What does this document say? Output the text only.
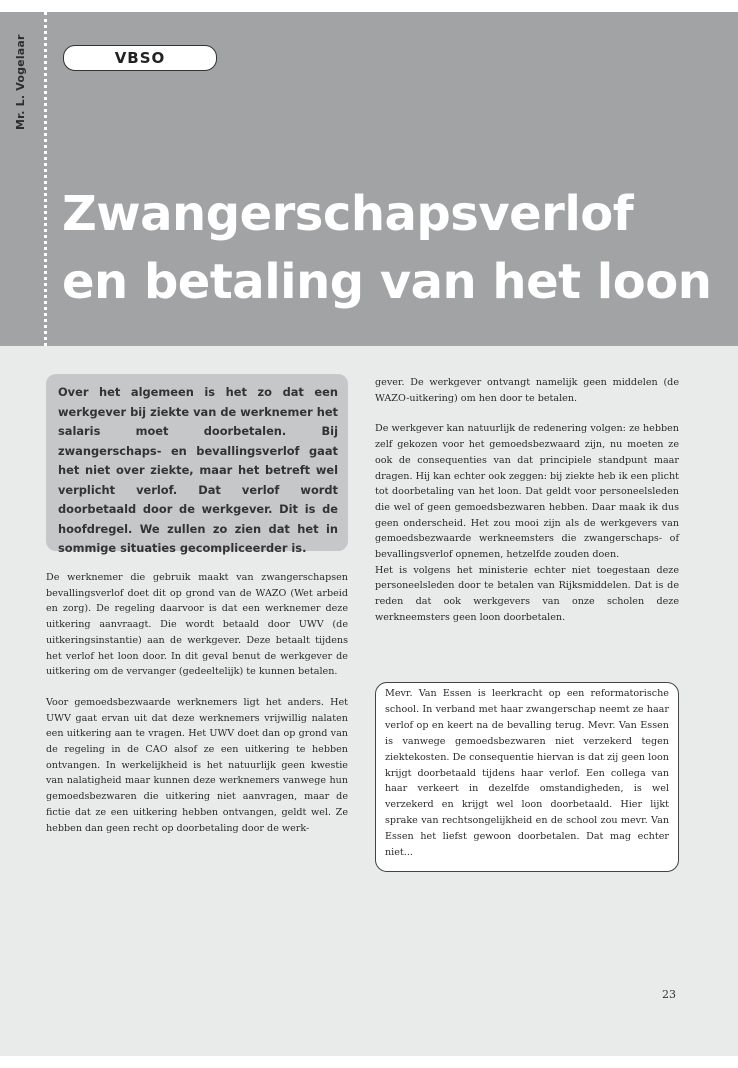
Mr. L. Vogelaar	VBSO
Zwangerschapsverlof
en betaling van het loon
Over het algemeen is het zo dat een werkgever bij ziekte van de werknemer het salaris moet doorbetalen. Bij zwangerschaps- en bevallingsverlof gaat het niet over ziekte, maar het betreft wel verplicht verlof. Dat verlof wordt doorbetaald door de werkgever. Dit is de hoofdregel. We zullen zo zien dat het in sommige situaties gecompliceerder is.

De werknemer die gebruik maakt van zwangerschapsen bevallingsverlof doet dit op grond van de WAZO (Wet arbeid en zorg). De regeling daarvoor is dat een werknemer deze uitkering aanvraagt. Die wordt betaald door UWV (de uitkeringsinstantie) aan de werkgever. Deze betaalt tijdens het verlof het loon door. In dit geval benut de werkgever de uitkering om de vervanger (gedeeltelijk) te kunnen betalen.

Voor gemoedsbezwaarde werknemers ligt het anders. Het UWV gaat ervan uit dat deze werknemers vrijwillig nalaten een uitkering aan te vragen. Het UWV doet dan op grond van de regeling in de CAO alsof ze een uitkering te hebben ontvangen. In werkelijkheid is het natuurlijk geen kwestie van nalatigheid maar kunnen deze werknemers vanwege hun gemoedsbezwaren die uitkering niet aanvragen, maar de fictie dat ze een uitkering hebben ontvangen, geldt wel. Ze hebben dan geen recht op doorbetaling door de werk-

gever. De werkgever ontvangt namelijk geen middelen (de WAZO-uitkering) om hen door te betalen.

De werkgever kan natuurlijk de redenering volgen: ze hebben zelf gekozen voor het gemoedsbezwaard zijn, nu moeten ze ook de consequenties van dat principiele standpunt maar dragen. Hij kan echter ook zeggen: bij ziekte heb ik een plicht tot doorbetaling van het loon. Dat geldt voor personeelsleden die wel of geen gemoedsbezwaren hebben. Daar maak ik dus geen onderscheid. Het zou mooi zijn als de werkgevers van gemoedsbezwaarde werkneemsters die zwangerschaps- of bevallingsverlof opnemen, hetzelfde zouden doen.

Het is volgens het ministerie echter niet toegestaan deze personeelsleden door te betalen van Rijksmiddelen. Dat is de reden dat ook werkgevers van onze scholen deze werkneemsters geen loon doorbetalen.

Mevr. Van Essen is leerkracht op een reformatorische school. In verband met haar zwangerschap neemt ze haar verlof op en keert na de bevalling terug. Mevr. Van Essen is vanwege gemoedsbezwaren niet verzekerd tegen ziektekosten. De consequentie hiervan is dat zij geen loon krijgt doorbetaald tijdens haar verlof. Een collega van haar verkeert in dezelfde omstandigheden, is wel verzekerd en krijgt wel loon doorbetaald. Hier lijkt sprake van rechtsongelijkheid en de school zou mevr. Van Essen het liefst gewoon doorbetalen. Dat mag echter niet...
23
